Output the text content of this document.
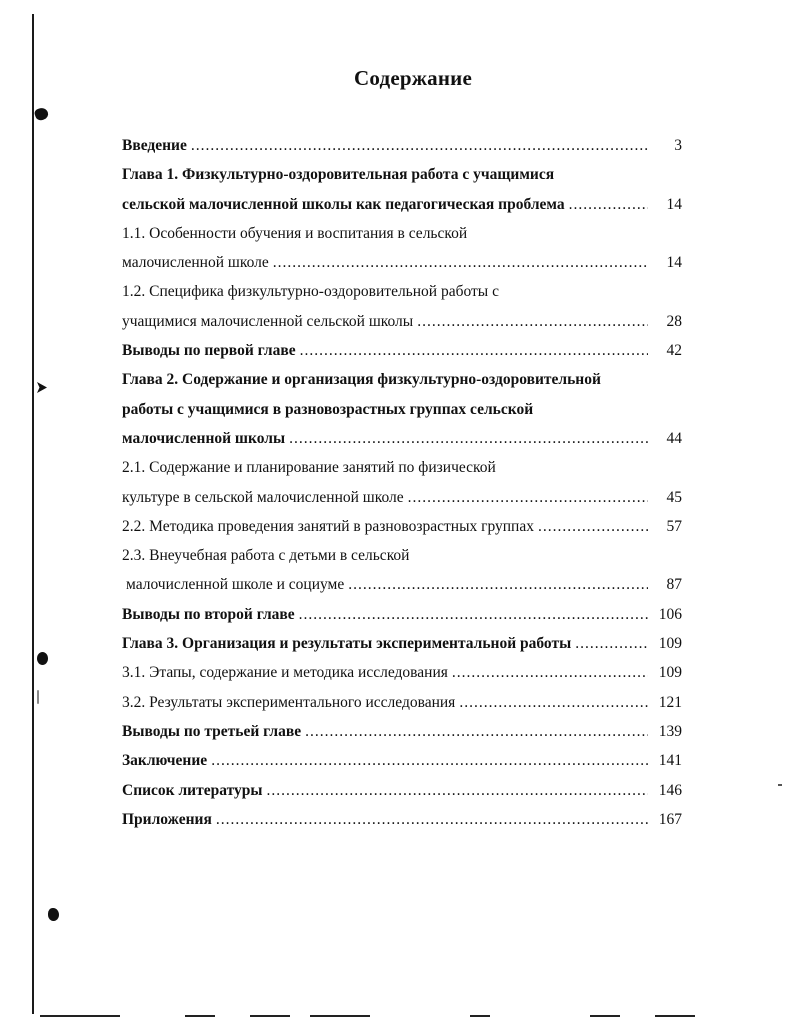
Содержание
Введение .....	3
Глава 1. Физкультурно-оздоровительная работа с учащимися
сельской малочисленной школы как педагогическая проблема .....	14
1.1. Особенности обучения и воспитания в сельской
малочисленной школе .....	14
1.2. Специфика физкультурно-оздоровительной работы с
учащимися малочисленной сельской школы .....	28
Выводы по первой главе .....	42
Глава 2. Содержание и организация физкультурно-оздоровительной
работы с учащимися в разновозрастных группах сельской
малочисленной школы .....	44
2.1. Содержание и планирование занятий по физической
культуре в сельской малочисленной школе .....	45
2.2. Методика проведения занятий в разновозрастных группах .....	57
2.3. Внеучебная работа с детьми в сельской
малочисленной школе и социуме .....	87
Выводы по второй главе .....	106
Глава 3. Организация и результаты экспериментальной работы .....	109
3.1. Этапы, содержание и методика исследования .....	109
3.2. Результаты экспериментального исследования .....	121
Выводы по третьей главе .....	139
Заключение .....	141
Список литературы .....	146
Приложения .....	167
